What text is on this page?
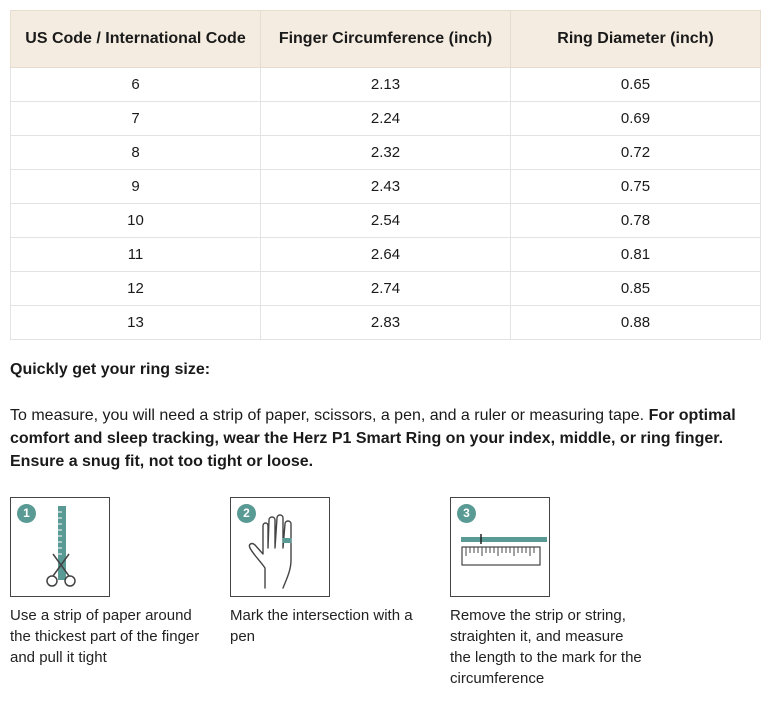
US Code / International Code	Finger Circumference (inch)	Ring Diameter (inch)
6	2.13	0.65
7	2.24	0.69
8	2.32	0.72
9	2.43	0.75
10	2.54	0.78
11	2.64	0.81
12	2.74	0.85
13	2.83	0.88
Quickly get your ring size:
To measure, you will need a strip of paper, scissors, a pen, and a ruler or measuring tape. For optimal comfort and sleep tracking, wear the Herz P1 Smart Ring on your index, middle, or ring finger. Ensure a snug fit, not too tight or loose.
1
Use a strip of paper around the thickest part of the finger and pull it tight
2
Mark the intersection with a pen
3
Remove the strip or string, straighten it, and measure the length to the mark for the circumference
